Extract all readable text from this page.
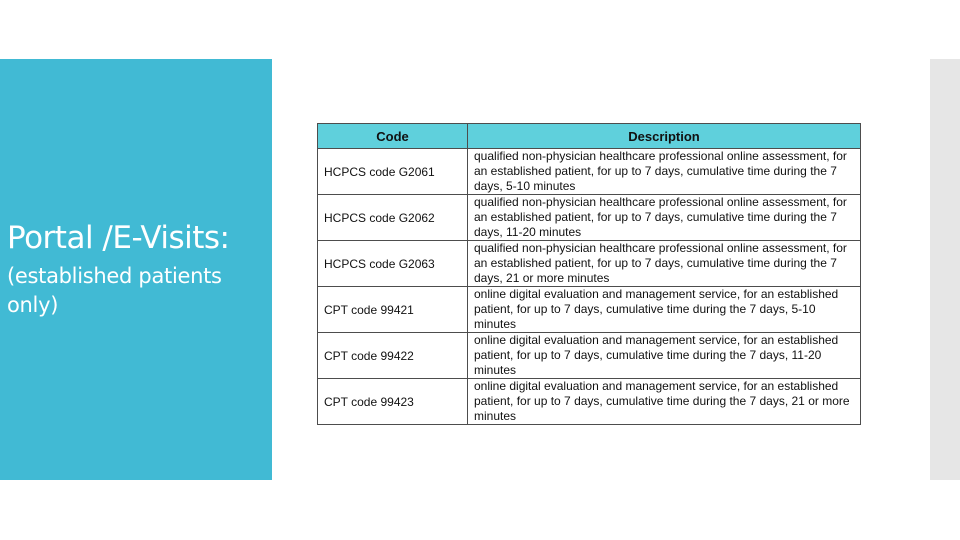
Portal /E-Visits:
(established patients only)
Code	Description
HCPCS code G2061	qualified non-physician healthcare professional online assessment, for an established patient, for up to 7 days, cumulative time during the 7 days, 5-10 minutes
HCPCS code G2062	qualified non-physician healthcare professional online assessment, for an established patient, for up to 7 days, cumulative time during the 7 days, 11-20 minutes
HCPCS code G2063	qualified non-physician healthcare professional online assessment, for an established patient, for up to 7 days, cumulative time during the 7 days, 21 or more minutes
CPT code 99421	online digital evaluation and management service, for an established patient, for up to 7 days, cumulative time during the 7 days, 5-10 minutes
CPT code 99422	online digital evaluation and management service, for an established patient, for up to 7 days, cumulative time during the 7 days, 11-20 minutes
CPT code 99423	online digital evaluation and management service, for an established patient, for up to 7 days, cumulative time during the 7 days, 21 or more minutes
